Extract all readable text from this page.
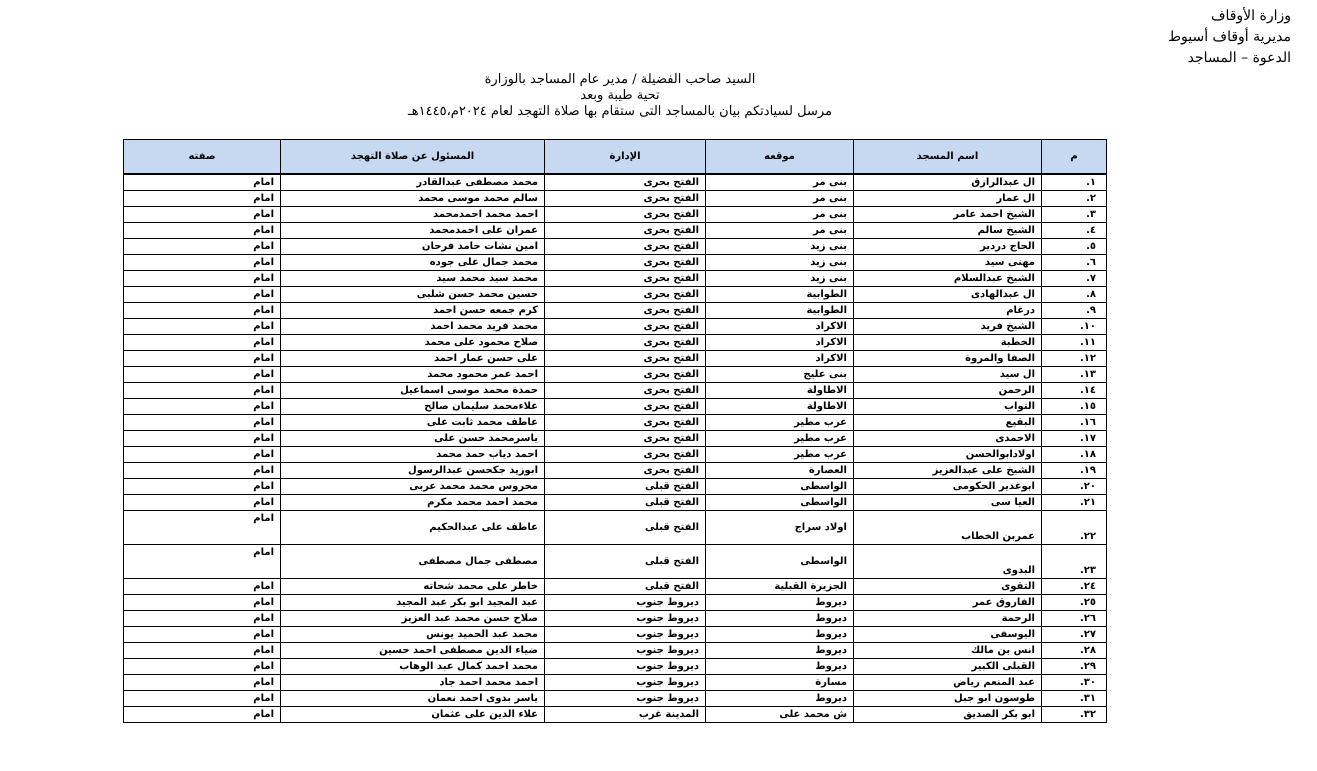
وزارة الأوقاف
مديرية أوقاف أسيوط
الدعوة – المساجد
السيد صاحب الفضيلة / مدير عام المساجد بالوزارة
تحية طيبة وبعد
مرسل لسيادتكم بيان بالمساجد التى ستقام بها صلاة التهجد لعام ٢٠٢٤م،١٤٤٥هـ
م	اسم المسجد	موقعه	الإدارة	المسئول عن صلاة التهجد	صفته
١.	ال عبدالرازق	بنى مر	الفتح بحرى	محمد مصطفى عبدالقادر	امام
٢.	ال عمار	بنى مر	الفتح بحرى	سالم محمد موسى محمد	امام
٣.	الشيخ احمد عامر	بنى مر	الفتح بحرى	احمد محمد احمدمحمد	امام
٤.	الشيخ سالم	بنى مر	الفتح بحرى	عمران على احمدمحمد	امام
٥.	الحاج دردير	بنى زيد	الفتح بحرى	امين نشات حامد فرحان	امام
٦.	مهنى سيد	بنى زيد	الفتح بحرى	محمد جمال على جوده	امام
٧.	الشيخ عبدالسلام	بنى زيد	الفتح بحرى	محمد سيد محمد سيد	امام
٨.	ال عبدالهادى	الطوابية	الفتح بحرى	حسين محمد حسن شلبى	امام
٩.	درغام	الطوابية	الفتح بحرى	كرم جمعه حسن احمد	امام
١٠.	الشيخ فريد	الاكراد	الفتح بحرى	محمد فريد محمد احمد	امام
١١.	الخطبة	الاكراد	الفتح بحرى	صلاح محمود على محمد	امام
١٢.	الصفا والمروة	الاكراد	الفتح بحرى	على حسن عمار احمد	امام
١٣.	ال سيد	بنى عليج	الفتح بحرى	احمد عمر محمود محمد	امام
١٤.	الرحمن	الاطاولة	الفتح بحرى	حمدة محمد موسى اسماعيل	امام
١٥.	التواب	الاطاولة	الفتح بحرى	علاءمحمد سليمان صالح	امام
١٦.	البقيع	عرب مطير	الفتح بحرى	عاطف محمد ثابت على	امام
١٧.	الاحمدى	عرب مطير	الفتح بحرى	ياسرمحمد حسن على	امام
١٨.	اولادابوالحسن	عرب مطير	الفتح بحرى	احمد دياب حمد محمد	امام
١٩.	الشيخ على عبدالعزيز	العصارة	الفتح بحرى	ابوزيد جكحسن عبدالرسول	امام
٢٠.	ابوغدير الحكومى	الواسطى	الفتح قبلى	محروس محمد محمد عربى	امام
٢١.	العيا سى	الواسطى	الفتح قبلى	محمد احمد محمد مكرم	امام
٢٢.	عمربن الخطاب	اولاد سراج	الفتح قبلى	عاطف على عبدالحكيم	امام
٢٣.	البدوى	الواسطى	الفتح قبلى	مصطفى جمال مصطفى	امام
٢٤.	التقوى	الجزيرة القبلية	الفتح قبلى	خاطر على محمد شحاته	امام
٢٥.	الفاروق عمر	ديروط	ديروط جنوب	عبد المجيد ابو بكر عبد المجيد	امام
٢٦.	الرحمة	ديروط	ديروط جنوب	صلاح حسن محمد عبد العزيز	امام
٢٧.	اليوسفى	ديروط	ديروط جنوب	محمد عبد الحميد يونس	امام
٢٨.	انس بن مالك	ديروط	ديروط جنوب	ضياء الدين مصطفى احمد حسين	امام
٢٩.	القبلى الكبير	ديروط	ديروط جنوب	محمد احمد كمال عبد الوهاب	امام
٣٠.	عبد المنعم رياض	مسارة	ديروط جنوب	احمد محمد احمد جاد	امام
٣١.	طوسون ابو جبل	ديروط	ديروط جنوب	ياسر بدوى احمد نعمان	امام
٣٢.	ابو بكر الصديق	ش محمد على	المدينة غرب	علاء الدين على عثمان	امام
